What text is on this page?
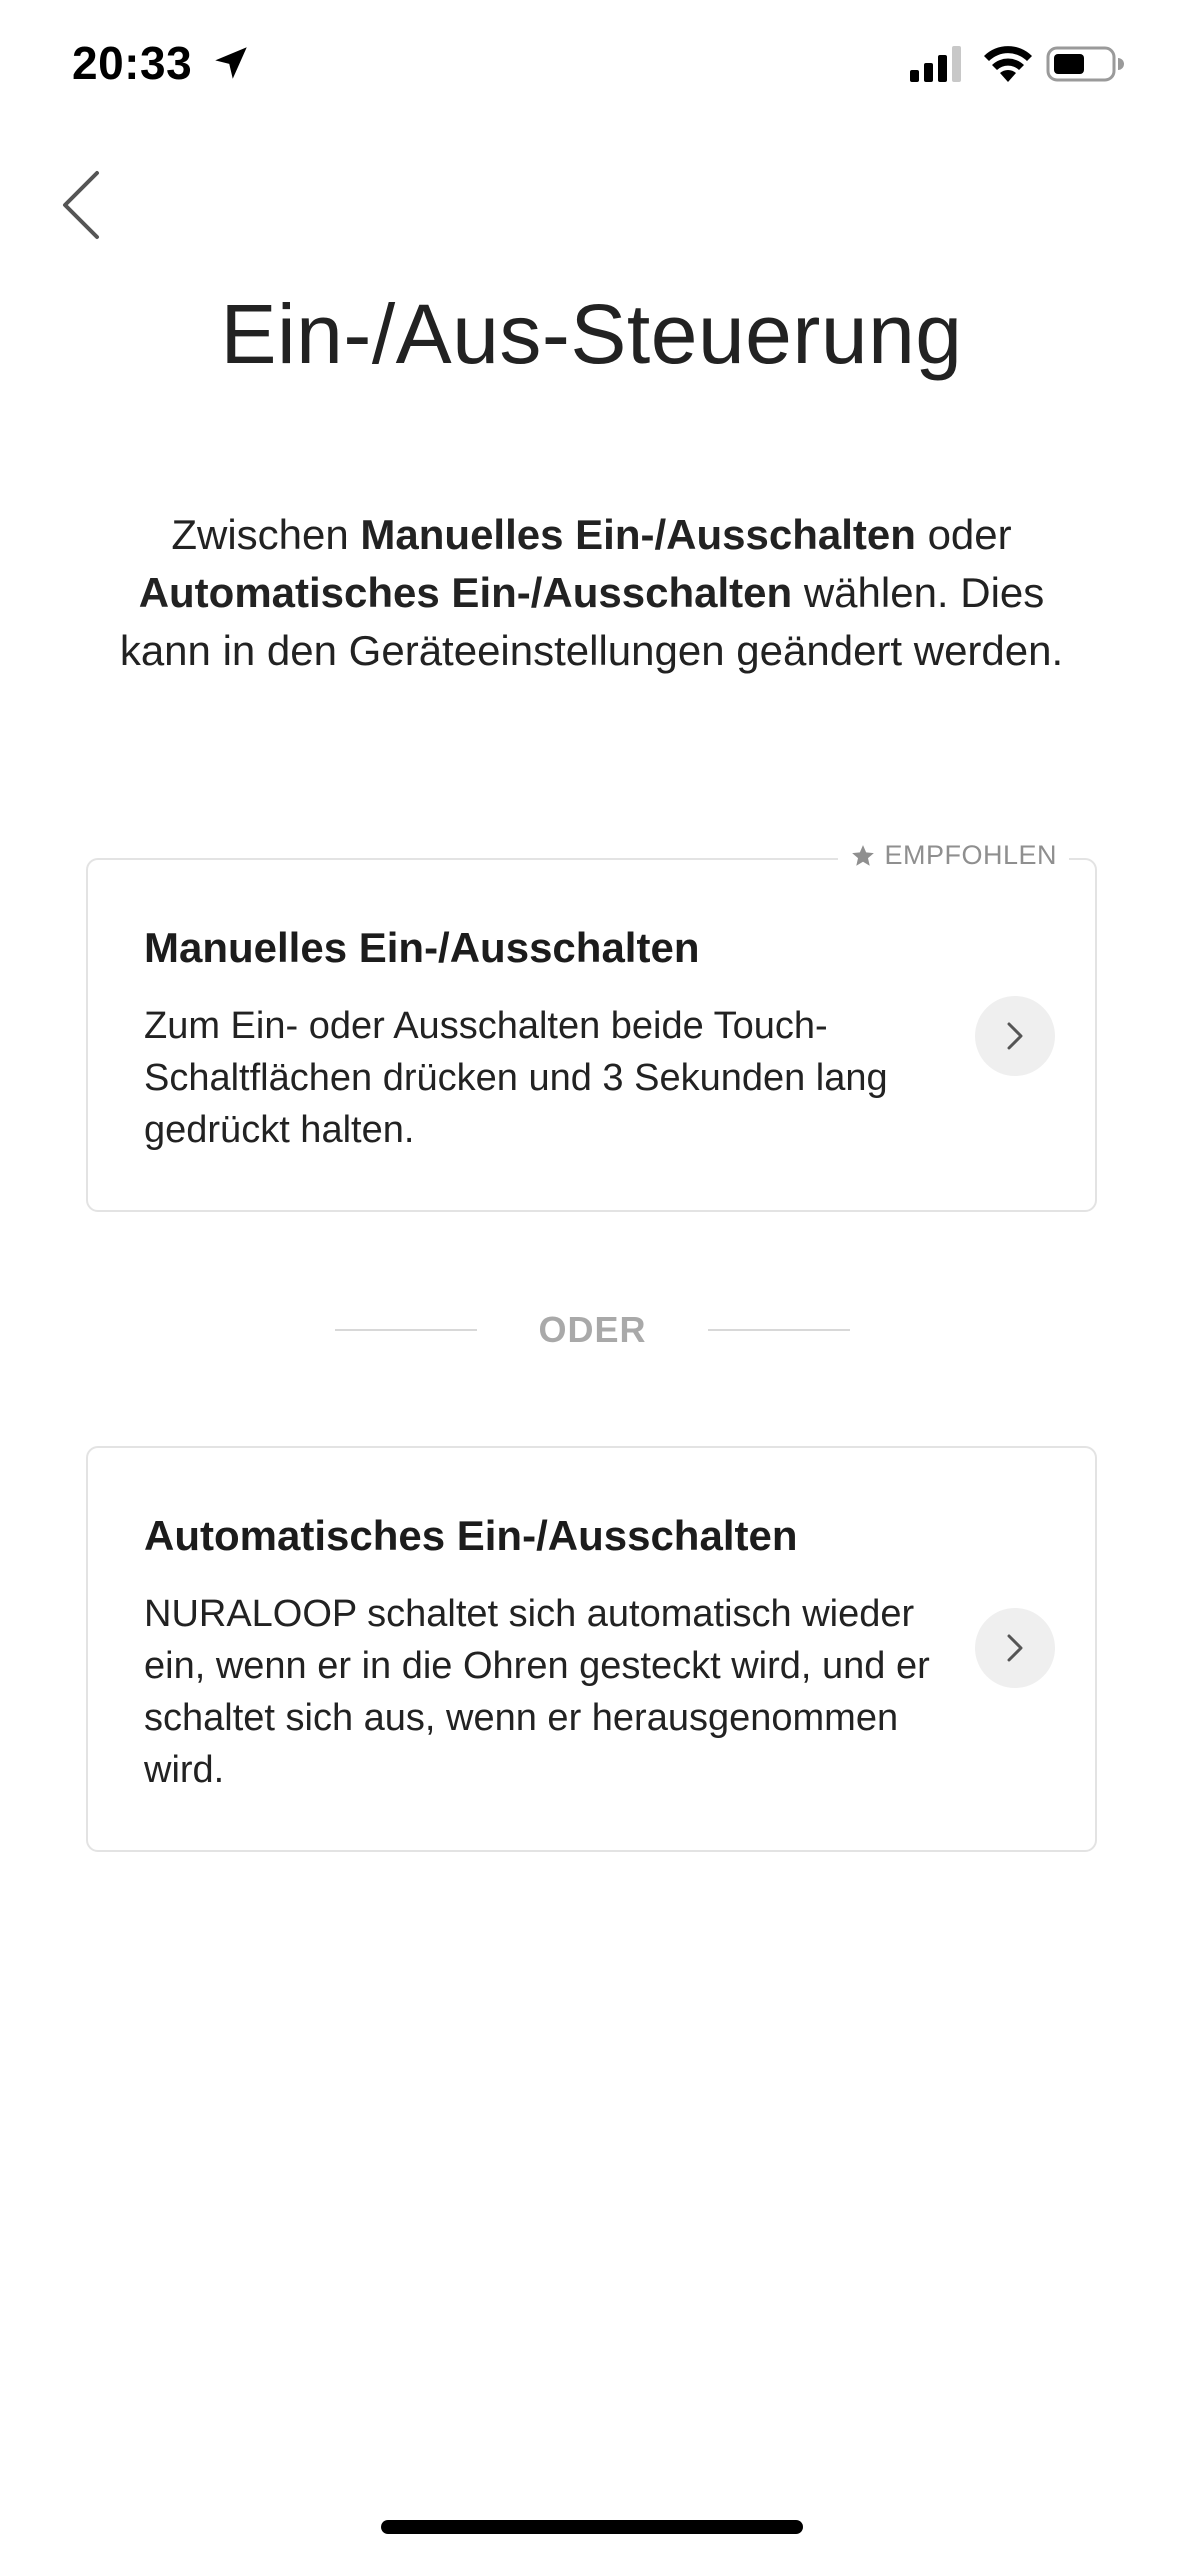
20:33
Ein-/Aus-Steuerung
Zwischen Manuelles Ein-/Ausschalten oder Automatisches Ein-/Ausschalten wählen. Dies kann in den Geräteeinstellungen geändert werden.
EMPFOHLEN
Manuelles Ein-/Ausschalten
Zum Ein- oder Ausschalten beide Touch-Schaltflächen drücken und 3 Sekunden lang gedrückt halten.
ODER
Automatisches Ein-/Ausschalten
NURALOOP schaltet sich automatisch wieder ein, wenn er in die Ohren gesteckt wird, und er schaltet sich aus, wenn er herausgenommen wird.
